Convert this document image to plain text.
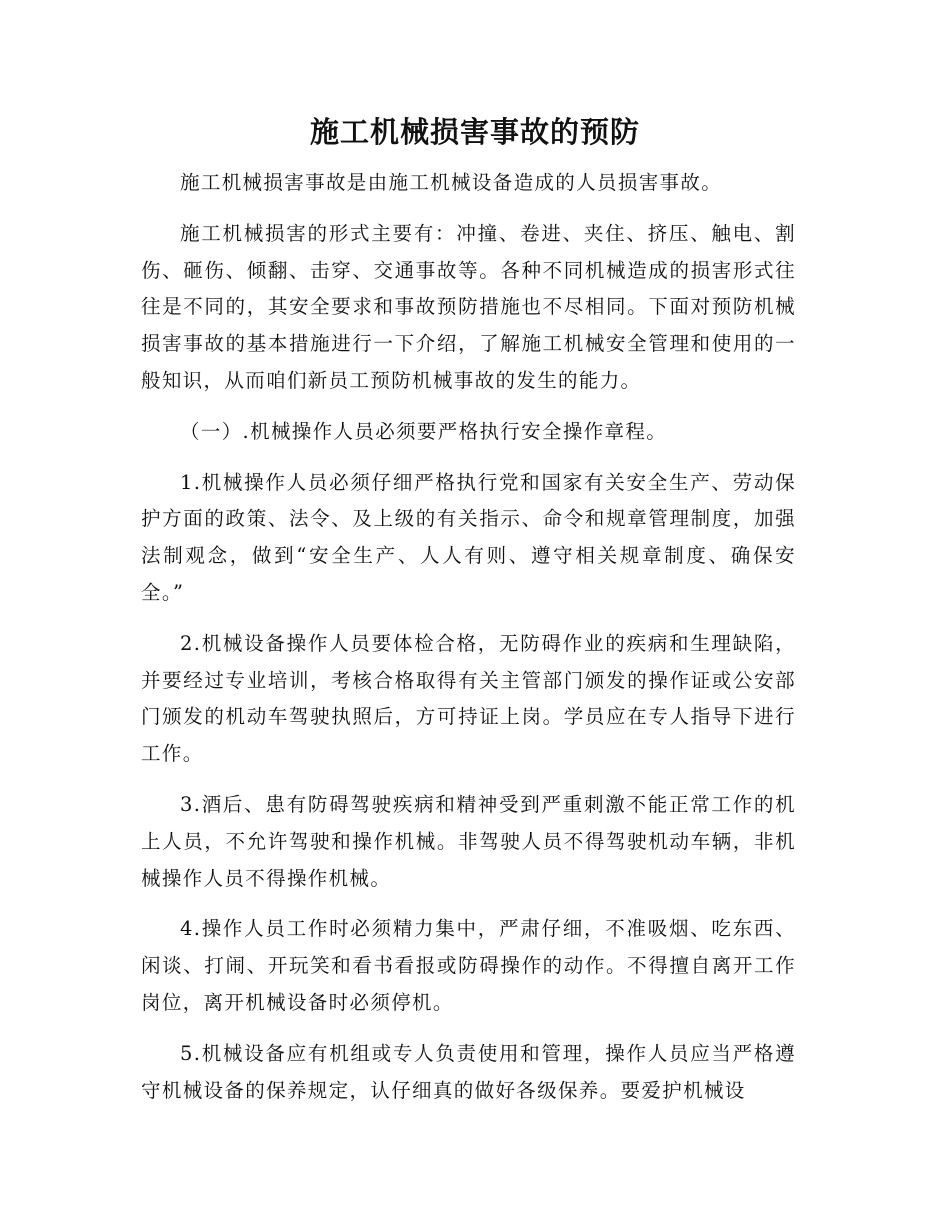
施工机械损害事故的预防

施工机械损害事故是由施工机械设备造成的人员损害事故。

施工机械损害的形式主要有：冲撞、卷进、夹住、挤压、触电、割伤、砸伤、倾翻、击穿、交通事故等。各种不同机械造成的损害形式往往是不同的，其安全要求和事故预防措施也不尽相同。下面对预防机械损害事故的基本措施进行一下介绍，了解施工机械安全管理和使用的一般知识，从而咱们新员工预防机械事故的发生的能力。

（一）.机械操作人员必须要严格执行安全操作章程。

1.机械操作人员必须仔细严格执行党和国家有关安全生产、劳动保护方面的政策、法令、及上级的有关指示、命令和规章管理制度，加强法制观念，做到“安全生产、人人有则、遵守相关规章制度、确保安全。”

2.机械设备操作人员要体检合格，无防碍作业的疾病和生理缺陷，并要经过专业培训，考核合格取得有关主管部门颁发的操作证或公安部门颁发的机动车驾驶执照后，方可持证上岗。学员应在专人指导下进行工作。

3.酒后、患有防碍驾驶疾病和精神受到严重刺激不能正常工作的机上人员，不允许驾驶和操作机械。非驾驶人员不得驾驶机动车辆，非机械操作人员不得操作机械。

4.操作人员工作时必须精力集中，严肃仔细，不准吸烟、吃东西、闲谈、打闹、开玩笑和看书看报或防碍操作的动作。不得擅自离开工作岗位，离开机械设备时必须停机。

5.机械设备应有机组或专人负责使用和管理，操作人员应当严格遵守机械设备的保养规定，认仔细真的做好各级保养。要爱护机械设
